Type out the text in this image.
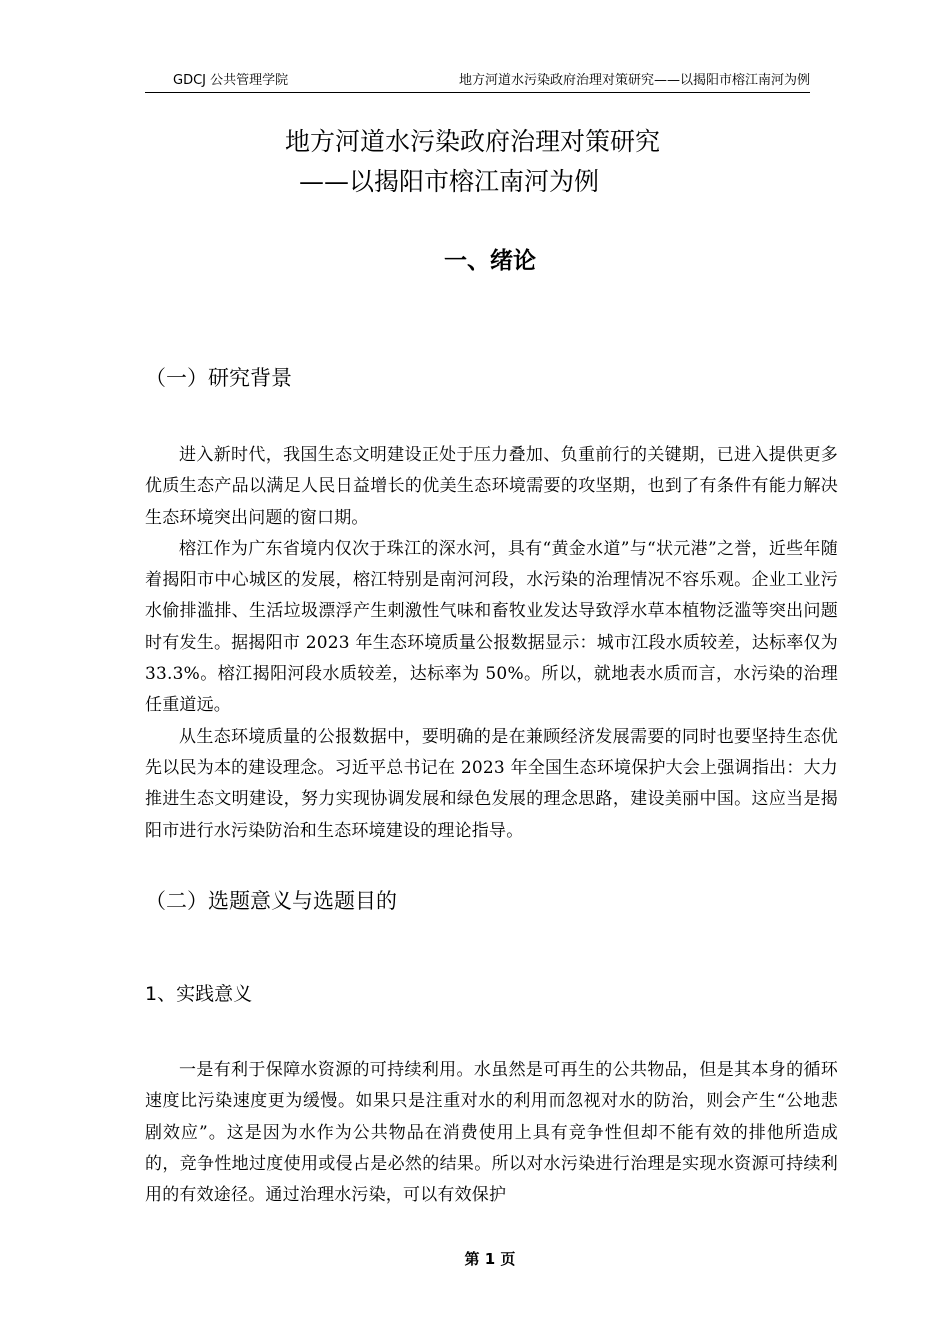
GDCJ 公共管理学院	地方河道水污染政府治理对策研究——以揭阳市榕江南河为例
地方河道水污染政府治理对策研究
——以揭阳市榕江南河为例
一、绪论
（一）研究背景

进入新时代，我国生态文明建设正处于压力叠加、负重前行的关键期，已进入提供更多优质生态产品以满足人民日益增长的优美生态环境需要的攻坚期，也到了有条件有能力解决生态环境突出问题的窗口期。

榕江作为广东省境内仅次于珠江的深水河，具有“黄金水道”与“状元港”之誉，近些年随着揭阳市中心城区的发展，榕江特别是南河河段，水污染的治理情况不容乐观。企业工业污水偷排滥排、生活垃圾漂浮产生刺激性气味和畜牧业发达导致浮水草本植物泛滥等突出问题时有发生。据揭阳市 2023 年生态环境质量公报数据显示：城市江段水质较差，达标率仅为 33.3%。榕江揭阳河段水质较差，达标率为 50%。所以，就地表水质而言，水污染的治理任重道远。

从生态环境质量的公报数据中，要明确的是在兼顾经济发展需要的同时也要坚持生态优先以民为本的建设理念。习近平总书记在 2023 年全国生态环境保护大会上强调指出：大力推进生态文明建设，努力实现协调发展和绿色发展的理念思路，建设美丽中国。这应当是揭阳市进行水污染防治和生态环境建设的理论指导。

（二）选题意义与选题目的
1、实践意义

一是有利于保障水资源的可持续利用。水虽然是可再生的公共物品，但是其本身的循环速度比污染速度更为缓慢。如果只是注重对水的利用而忽视对水的防治，则会产生“公地悲剧效应”。这是因为水作为公共物品在消费使用上具有竞争性但却不能有效的排他所造成的，竞争性地过度使用或侵占是必然的结果。所以对水污染进行治理是实现水资源可持续利用的有效途径。通过治理水污染，可以有效保护

第 1 页
